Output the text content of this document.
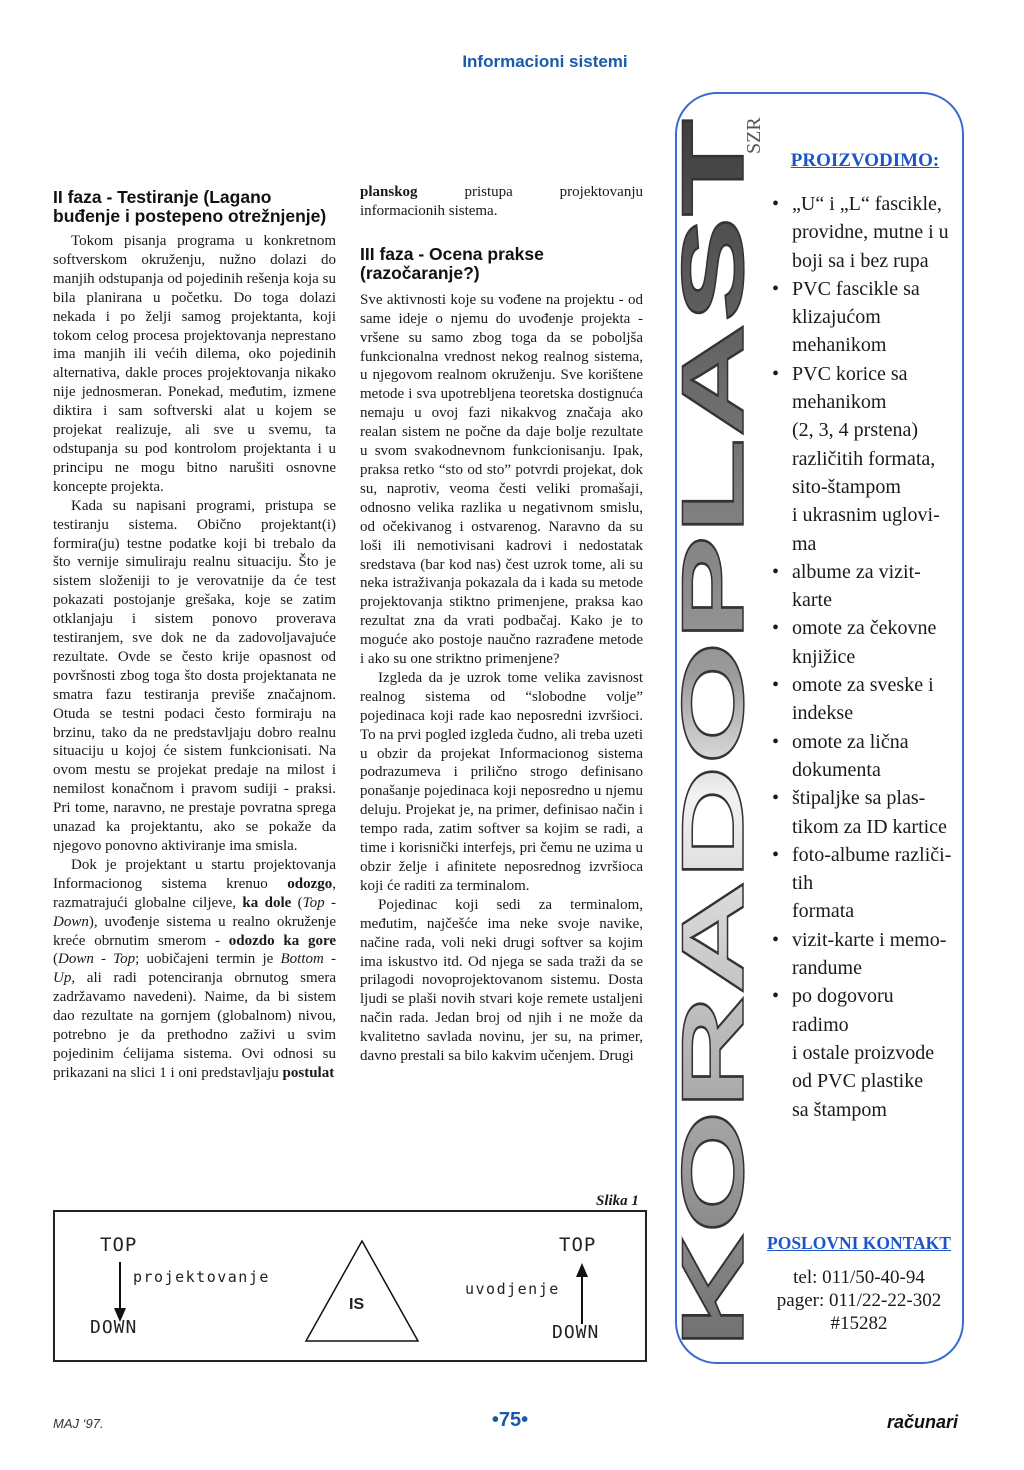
Informacioni sistemi
II faza - Testiranje (Lagano buđenje i postepeno otrežnjenje)

Tokom pisanja programa u konkretnom softverskom okruženju, nužno dolazi do manjih odstupanja od pojedinih rešenja koja su bila planirana u početku. Do toga dolazi nekada i po želji samog projektanta, koji tokom celog procesa projektovanja neprestano ima manjih ili većih dilema, oko pojedinih alternativa, dakle proces projektovanja nikako nije jednosmeran. Ponekad, međutim, izmene diktira i sam softverski alat u kojem se projekat realizuje, ali sve u svemu, ta odstupanja su pod kontrolom projektanta i u principu ne mogu bitno narušiti osnovne koncepte projekta.

Kada su napisani programi, pristupa se testiranju sistema. Obično projektant(i) formira(ju) testne podatke koji bi trebalo da što vernije simuliraju realnu situaciju. Što je sistem složeniji to je verovatnije da će test pokazati postojanje grešaka, koje se zatim otklanjaju i sistem ponovo proverava testiranjem, sve dok ne da zadovoljavajuće rezultate. Ovde se često krije opasnost od površnosti zbog toga što dosta projektanata ne smatra fazu testiranja previše značajnom. Otuda se testni podaci često formiraju na brzinu, tako da ne predstavljaju dobro realnu situaciju u kojoj će sistem funkcionisati. Na ovom mestu se projekat predaje na milost i nemilost konačnom i pravom sudiji - praksi. Pri tome, naravno, ne prestaje povratna sprega unazad ka projektantu, ako se pokaže da njegovo ponovno aktiviranje ima smisla.

Dok je projektant u startu projektovanja Informacionog sistema krenuo odozgo, razmatrajući globalne ciljeve, ka dole (Top - Down), uvođenje sistema u realno okruženje kreće obrnutim smerom - odozdo ka gore (Down - Top; uobičajeni termin je Bottom - Up, ali radi potenciranja obrnutog smera zadržavamo navedeni). Naime, da bi sistem dao rezultate na gornjem (globalnom) nivou, potrebno je da prethodno zaživi u svim pojedinim ćelijama sistema. Ovi odnosi su prikazani na slici 1 i oni predstavljaju postulat

planskog pristupa projektovanju informacionih sistema.

III faza - Ocena prakse (razočaranje?)

Sve aktivnosti koje su vođene na projektu - od same ideje o njemu do uvođenje projekta - vršene su samo zbog toga da se poboljša funkcionalna vrednost nekog realnog sistema, u njegovom realnom okruženju. Sve korištene metode i sva upotrebljena teoretska dostignuća nemaju u ovoj fazi nikakvog značaja ako realan sistem ne počne da daje bolje rezultate u svom svakodnevnom funkcionisanju. Ipak, praksa retko “sto od sto” potvrdi projekat, dok su, naprotiv, veoma česti veliki promašaji, odnosno velika razlika u negativnom smislu, od očekivanog i ostvarenog. Naravno da su loši ili nemotivisani kadrovi i nedostatak sredstava (bar kod nas) čest uzrok tome, ali su neka istraživanja pokazala da i kada su metode projektovanja stiktno primenjene, praksa kao rezultat zna da vrati podbačaj. Kako je to moguće ako postoje naučno razrađene metode i ako su one striktno primenjene?

Izgleda da je uzrok tome velika zavisnost realnog sistema od “slobodne volje” pojedinaca koji rade kao neposredni izvršioci. To na prvi pogled izgleda čudno, ali treba uzeti u obzir da projekat Informacionog sistema podrazumeva i prilično strogo definisano ponašanje pojedinaca koji neposredno u njemu deluju. Projekat je, na primer, definisao način i tempo rada, zatim softver sa kojim se radi, a time i korisnički interfejs, pri čemu ne uzima u obzir želje i afinitete neposrednog izvršioca koji će raditi za terminalom.

Pojedinac koji sedi za terminalom, međutim, najčešće ima neke svoje navike, načine rada, voli neki drugi softver sa kojim ima iskustvo itd. Od njega se sada traži da se prilagodi novoprojektovanom sistemu. Dosta ljudi se plaši novih stvari koje remete ustaljeni način rada. Jedan broj od njih i ne može da kvalitetno savlada novinu, jer su, na primer, davno prestali sa bilo kakvim učenjem. Drugi KORADOPLAST
SZR
PROIZVODIMO:
• „U“ i „L“ fascikle,
providne, mutne i u
boji sa i bez rupa
• PVC fascikle sa
klizajućom
mehanikom
• PVC korice sa
mehanikom
(2, 3, 4 prstena)
različitih formata,
sito-štampom
i ukrasnim uglovi-
ma
• albume za vizit-
karte
• omote za čekovne
knjižice
• omote za sveske i
indekse
• omote za lična
dokumenta
• štipaljke sa plas-
tikom za ID kartice
• foto-albume različi-
tih
formata
• vizit-karte i memo-
randume
• po dogovoru
radimo
i ostale proizvode
od PVC plastike
sa štampom
POSLOVNI KONTAKT
tel: 011/50-40-94
pager: 011/22-22-302
#15282
Slika 1
TOP
projektovanje
DOWN
IS
uvodjenje
TOP
DOWN
MAJ ‘97.	•75•	računari
